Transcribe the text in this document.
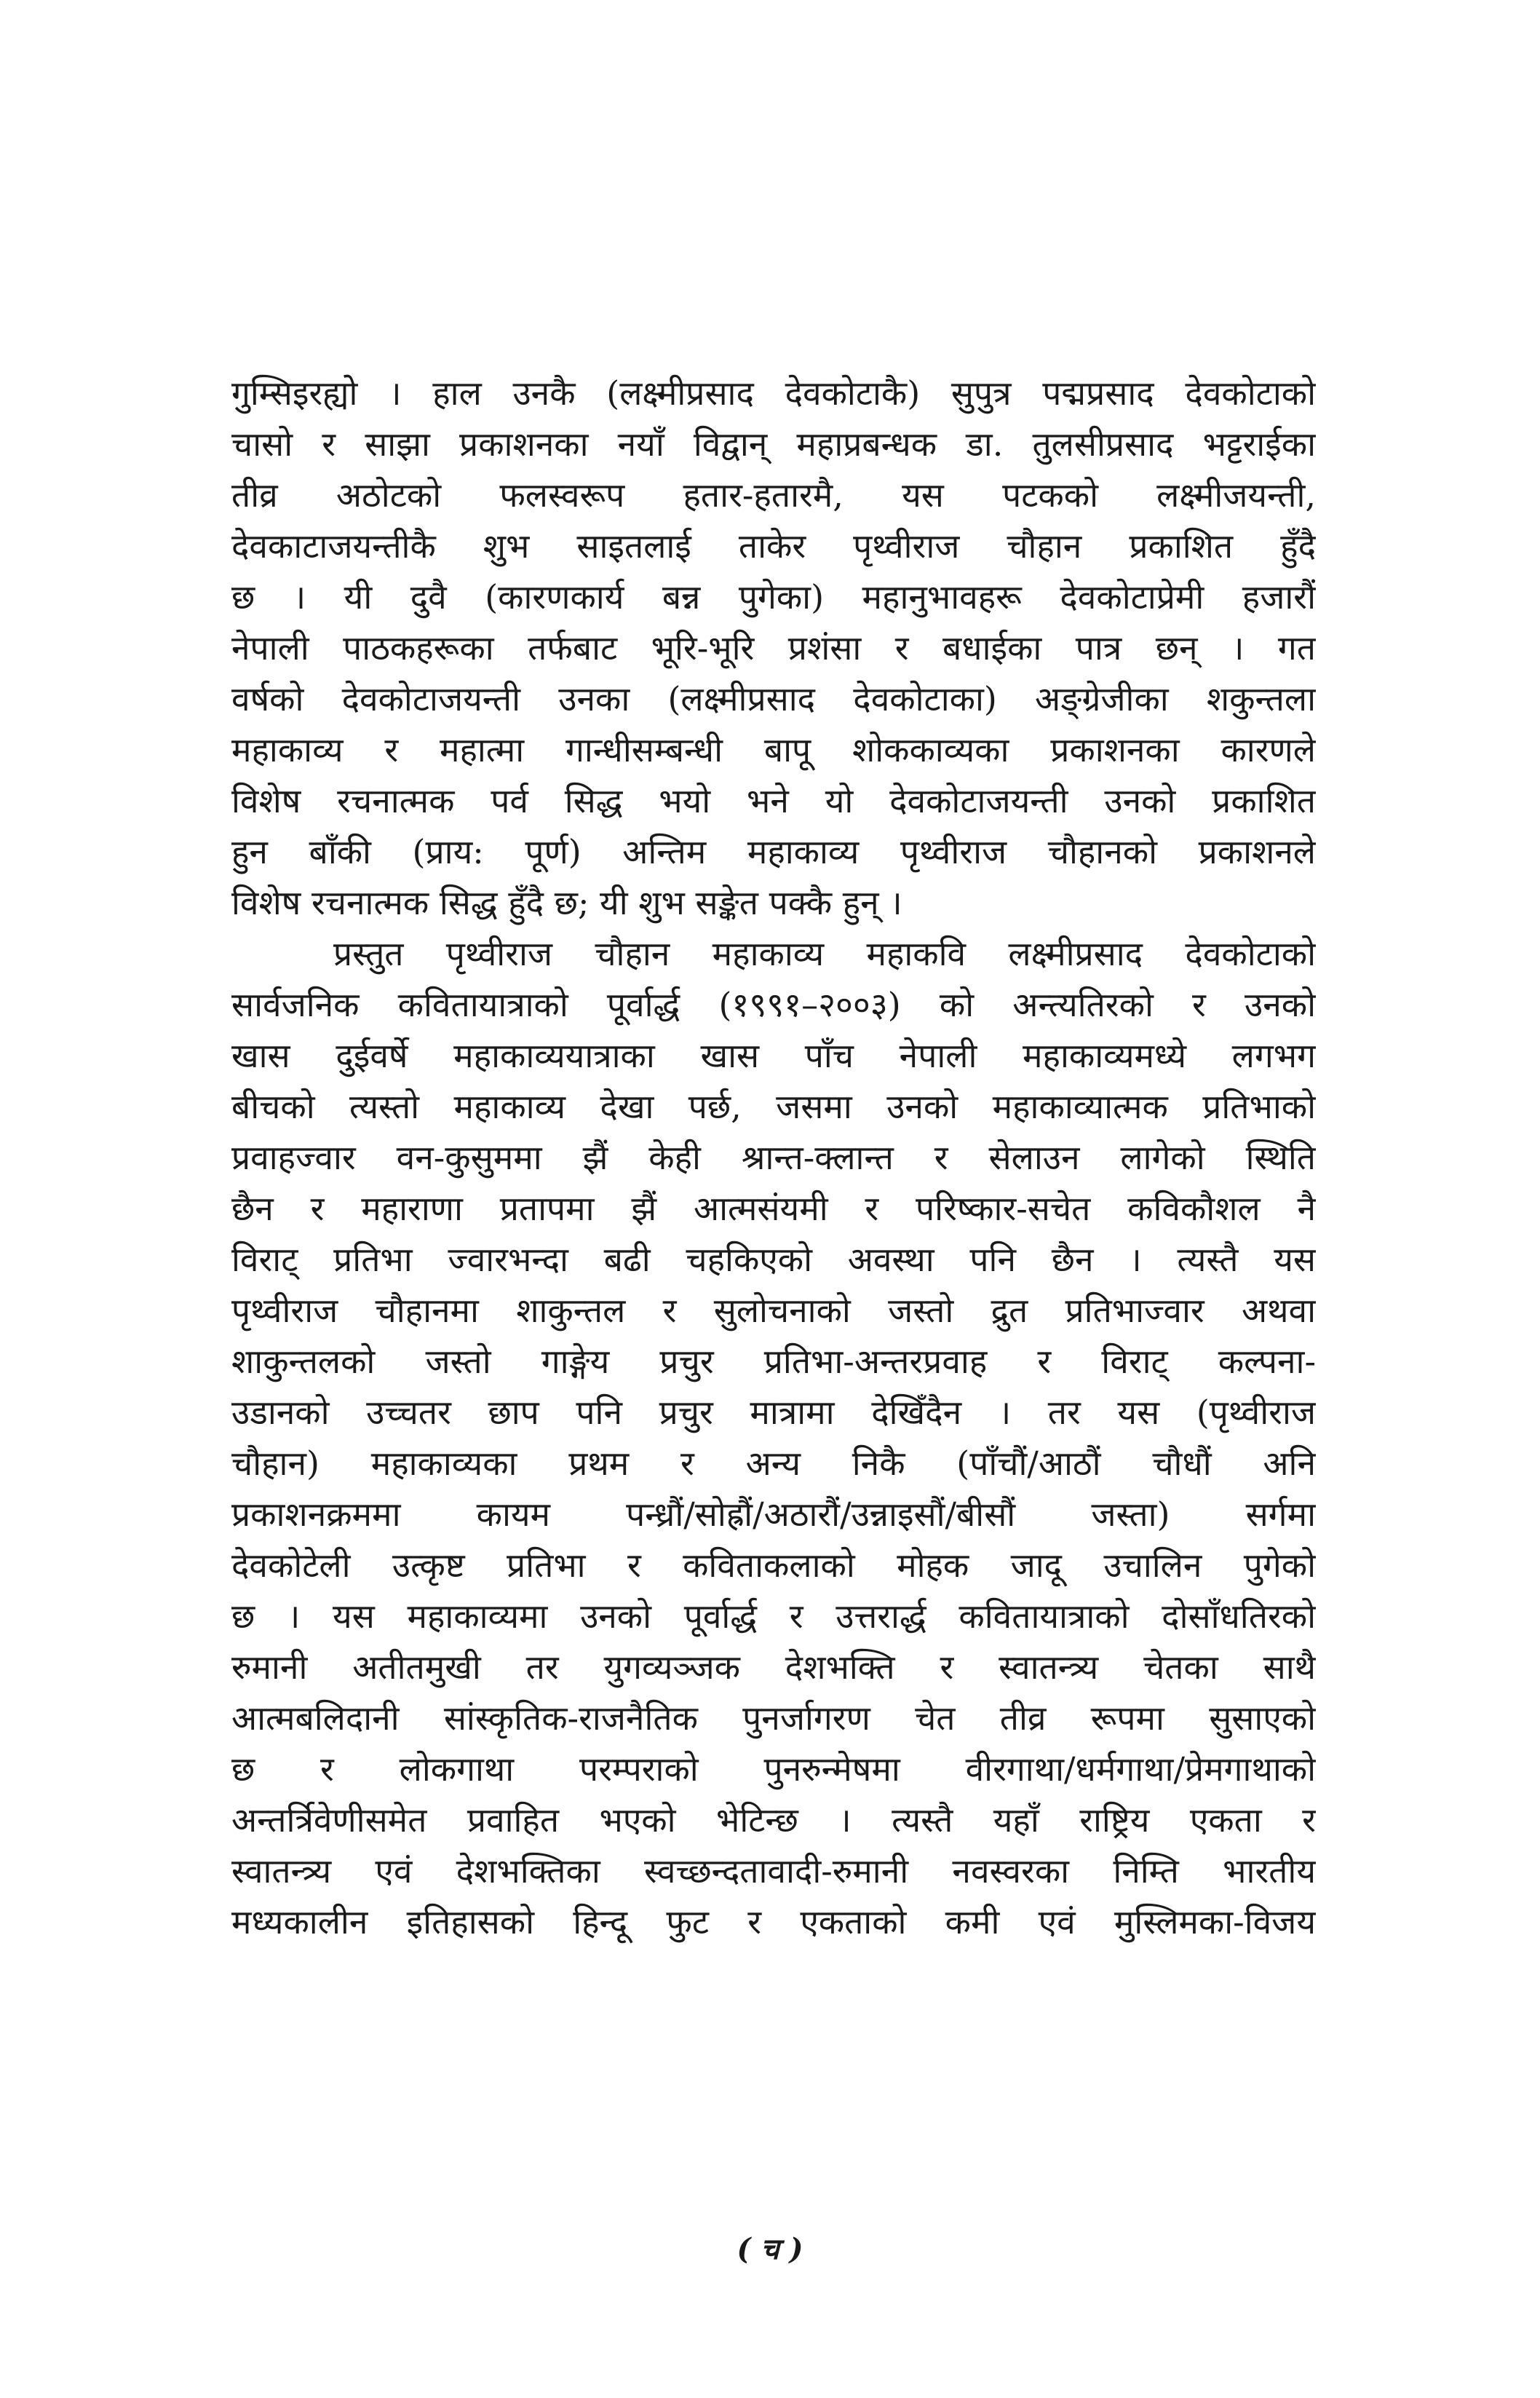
गुम्सिइरह्योे । हाल उनकै (लक्ष्मीप्रसाद देवकोटाकै) सुपुत्र पद्मप्रसाद देवकोटाको
चासो र साझा प्रकाशनका नयाँ विद्वान् महाप्रबन्धक डा. तुलसीप्रसाद भट्टराईका
तीव्र अठोटको फलस्वरूप हतार-हतारमै, यस पटकको लक्ष्मीजयन्ती,
देवकाटाजयन्तीकै शुभ साइतलाई ताकेर पृथ्वीराज चौहान प्रकाशित हुँदै
छ । यी दुवै (कारणकार्य बन्न पुगेका) महानुभावहरू देवकोटाप्रेमी हजारौं
नेपाली पाठकहरूका तर्फबाट भूरि-भूरि प्रशंसा र बधाईका पात्र छन् । गत
वर्षको देवकोटाजयन्ती उनका (लक्ष्मीप्रसाद देवकोटाका) अङ्ग्रेजीका शकुन्तला
महाकाव्य र महात्मा गान्धीसम्बन्धी बापू शोककाव्यका प्रकाशनका कारणले
विशेष रचनात्मक पर्व सिद्ध भयो भने यो देवकोटाजयन्ती उनको प्रकाशित
हुन बाँकी (प्राय: पूर्ण) अन्तिम महाकाव्य पृथ्वीराज चौहानको प्रकाशनले
विशेष रचनात्मक सिद्ध हुँदै छ; यी शुभ सङ्केत पक्कै हुन् ।
प्रस्तुत पृथ्वीराज चौहान महाकाव्य महाकवि लक्ष्मीप्रसाद देवकोटाको
सार्वजनिक कवितायात्राको पूर्वार्द्ध (१९९१–२००३) को अन्त्यतिरको र उनको
खास दुईवर्षे महाकाव्ययात्राका खास पाँच नेपाली महाकाव्यमध्ये लगभग
बीचको त्यस्तो महाकाव्य देखा पर्छ, जसमा उनको महाकाव्यात्मक प्रतिभाको
प्रवाहज्वार वन-कुसुममा झैं केही श्रान्त-क्लान्त र सेलाउन लागेको स्थिति
छैन र महाराणा प्रतापमा झैं आत्मसंयमी र परिष्कार-सचेत कविकौशल नै
विराट् प्रतिभा ज्वारभन्दा बढी चहकिएको अवस्था पनि छैन । त्यस्तै यस
पृथ्वीराज चौहानमा शाकुन्तल र सुलोचनाको जस्तो द्रुत प्रतिभाज्वार अथवा
शाकुन्तलको जस्तो गाङ्गेय प्रचुर प्रतिभा-अन्तरप्रवाह र विराट् कल्पना-
उडानको उच्चतर छाप पनि प्रचुर मात्रामा देखिँदैन । तर यस (पृथ्वीराज
चौहान) महाकाव्यका प्रथम र अन्य निकै (पाँचौं/आठौं चौधौं अनि
प्रकाशनक्रममा कायम पन्ध्रौं/सोह्रौं/अठारौं/उन्नाइसौं/बीसौं जस्ता) सर्गमा
देवकोटेली उत्कृष्ट प्रतिभा र कविताकलाको मोहक जादू उचालिन पुगेको
छ । यस महाकाव्यमा उनको पूर्वार्द्ध र उत्तरार्द्ध कवितायात्राको दोसाँधतिरको
रुमानी अतीतमुखी तर युगव्यञ्जक देशभक्ति र स्वातन्त्र्य चेतका साथै
आत्मबलिदानी सांस्कृतिक-राजनैतिक पुनर्जागरण चेत तीव्र रूपमा सुसाएको
छ र लोकगाथा परम्पराको पुनरुन्मेषमा वीरगाथा/धर्मगाथा/प्रेमगाथाको
अन्तर्त्रिवेणीसमेत प्रवाहित भएको भेटिन्छ । त्यस्तै यहाँ राष्ट्रिय एकता र
स्वातन्त्र्य एवं देशभक्तिका स्वच्छन्दतावादी-रुमानी नवस्वरका निम्ति भारतीय
मध्यकालीन इतिहासको हिन्दू फुट र एकताको कमी एवं मुस्लिमका-विजय
( च )
